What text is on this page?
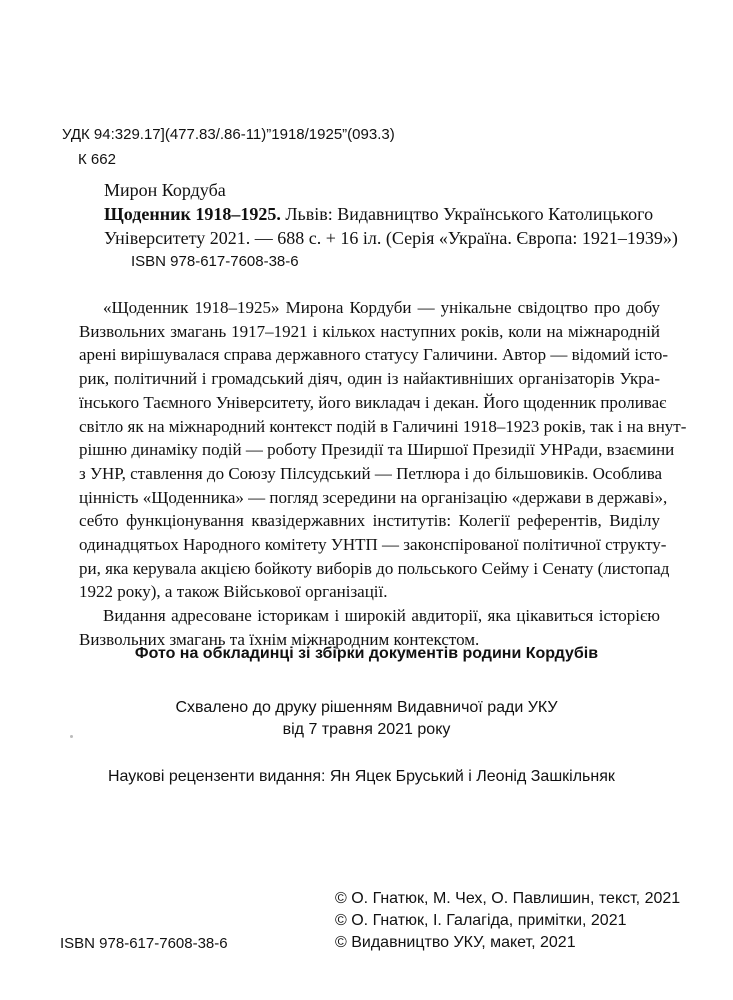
УДК 94:329.17](477.83/.86-11)”1918/1925”(093.3)

К 662

Мирон Кордуба

Щоденник 1918–1925. Львів: Видавництво Українського Католицького

Університету 2021. — 688 с. + 16 іл. (Серія «Україна. Європа: 1921–1939»)

ISBN 978-617-7608-38-6

«Щоденник 1918–1925» Мирона Кордуби — унікальне свідоцтво про добу
Визвольних змагань 1917–1921 і кількох наступних років, коли на міжнародній
арені вирішувалася справа державного статусу Галичини. Автор — відомий істо-
рик, політичний і громадський діяч, один із найактивніших організаторів Укра-
їнського Таємного Університету, його викладач і декан. Його щоденник проливає
світло як на міжнародний контекст подій в Галичині 1918–1923 років, так і на внут-
рішню динаміку подій — роботу Президії та Ширшої Президії УНРади, взаємини
з УНР, ставлення до Союзу Пілсудський — Петлюра і до більшовиків. Особлива
цінність «Щоденника» — погляд зсередини на організацію «держави в державі»,
себто функціонування квазідержавних інститутів: Колегії референтів, Виділу
одинадцятьох Народного комітету УНТП — законспірованої політичної структу-
ри, яка керувала акцією бойкоту виборів до польського Сейму і Сенату (листопад
1922 року), а також Військової організації.
Видання адресоване історикам і широкій авдиторії, яка цікавиться історією
Визвольних змагань та їхнім міжнародним контекстом.

Фото на обкладинці зі збірки документів родини Кордубів

Схвалено до друку рішенням Видавничої ради УКУ
від 7 травня 2021 року

Наукові рецензенти видання: Ян Яцек Бруський і Леонід Зашкільняк

© О. Гнатюк, М. Чех, О. Павлишин, текст, 2021

© О. Гнатюк, І. Галагіда, примітки, 2021

© Видавництво УКУ, макет, 2021

ISBN 978-617-7608-38-6
